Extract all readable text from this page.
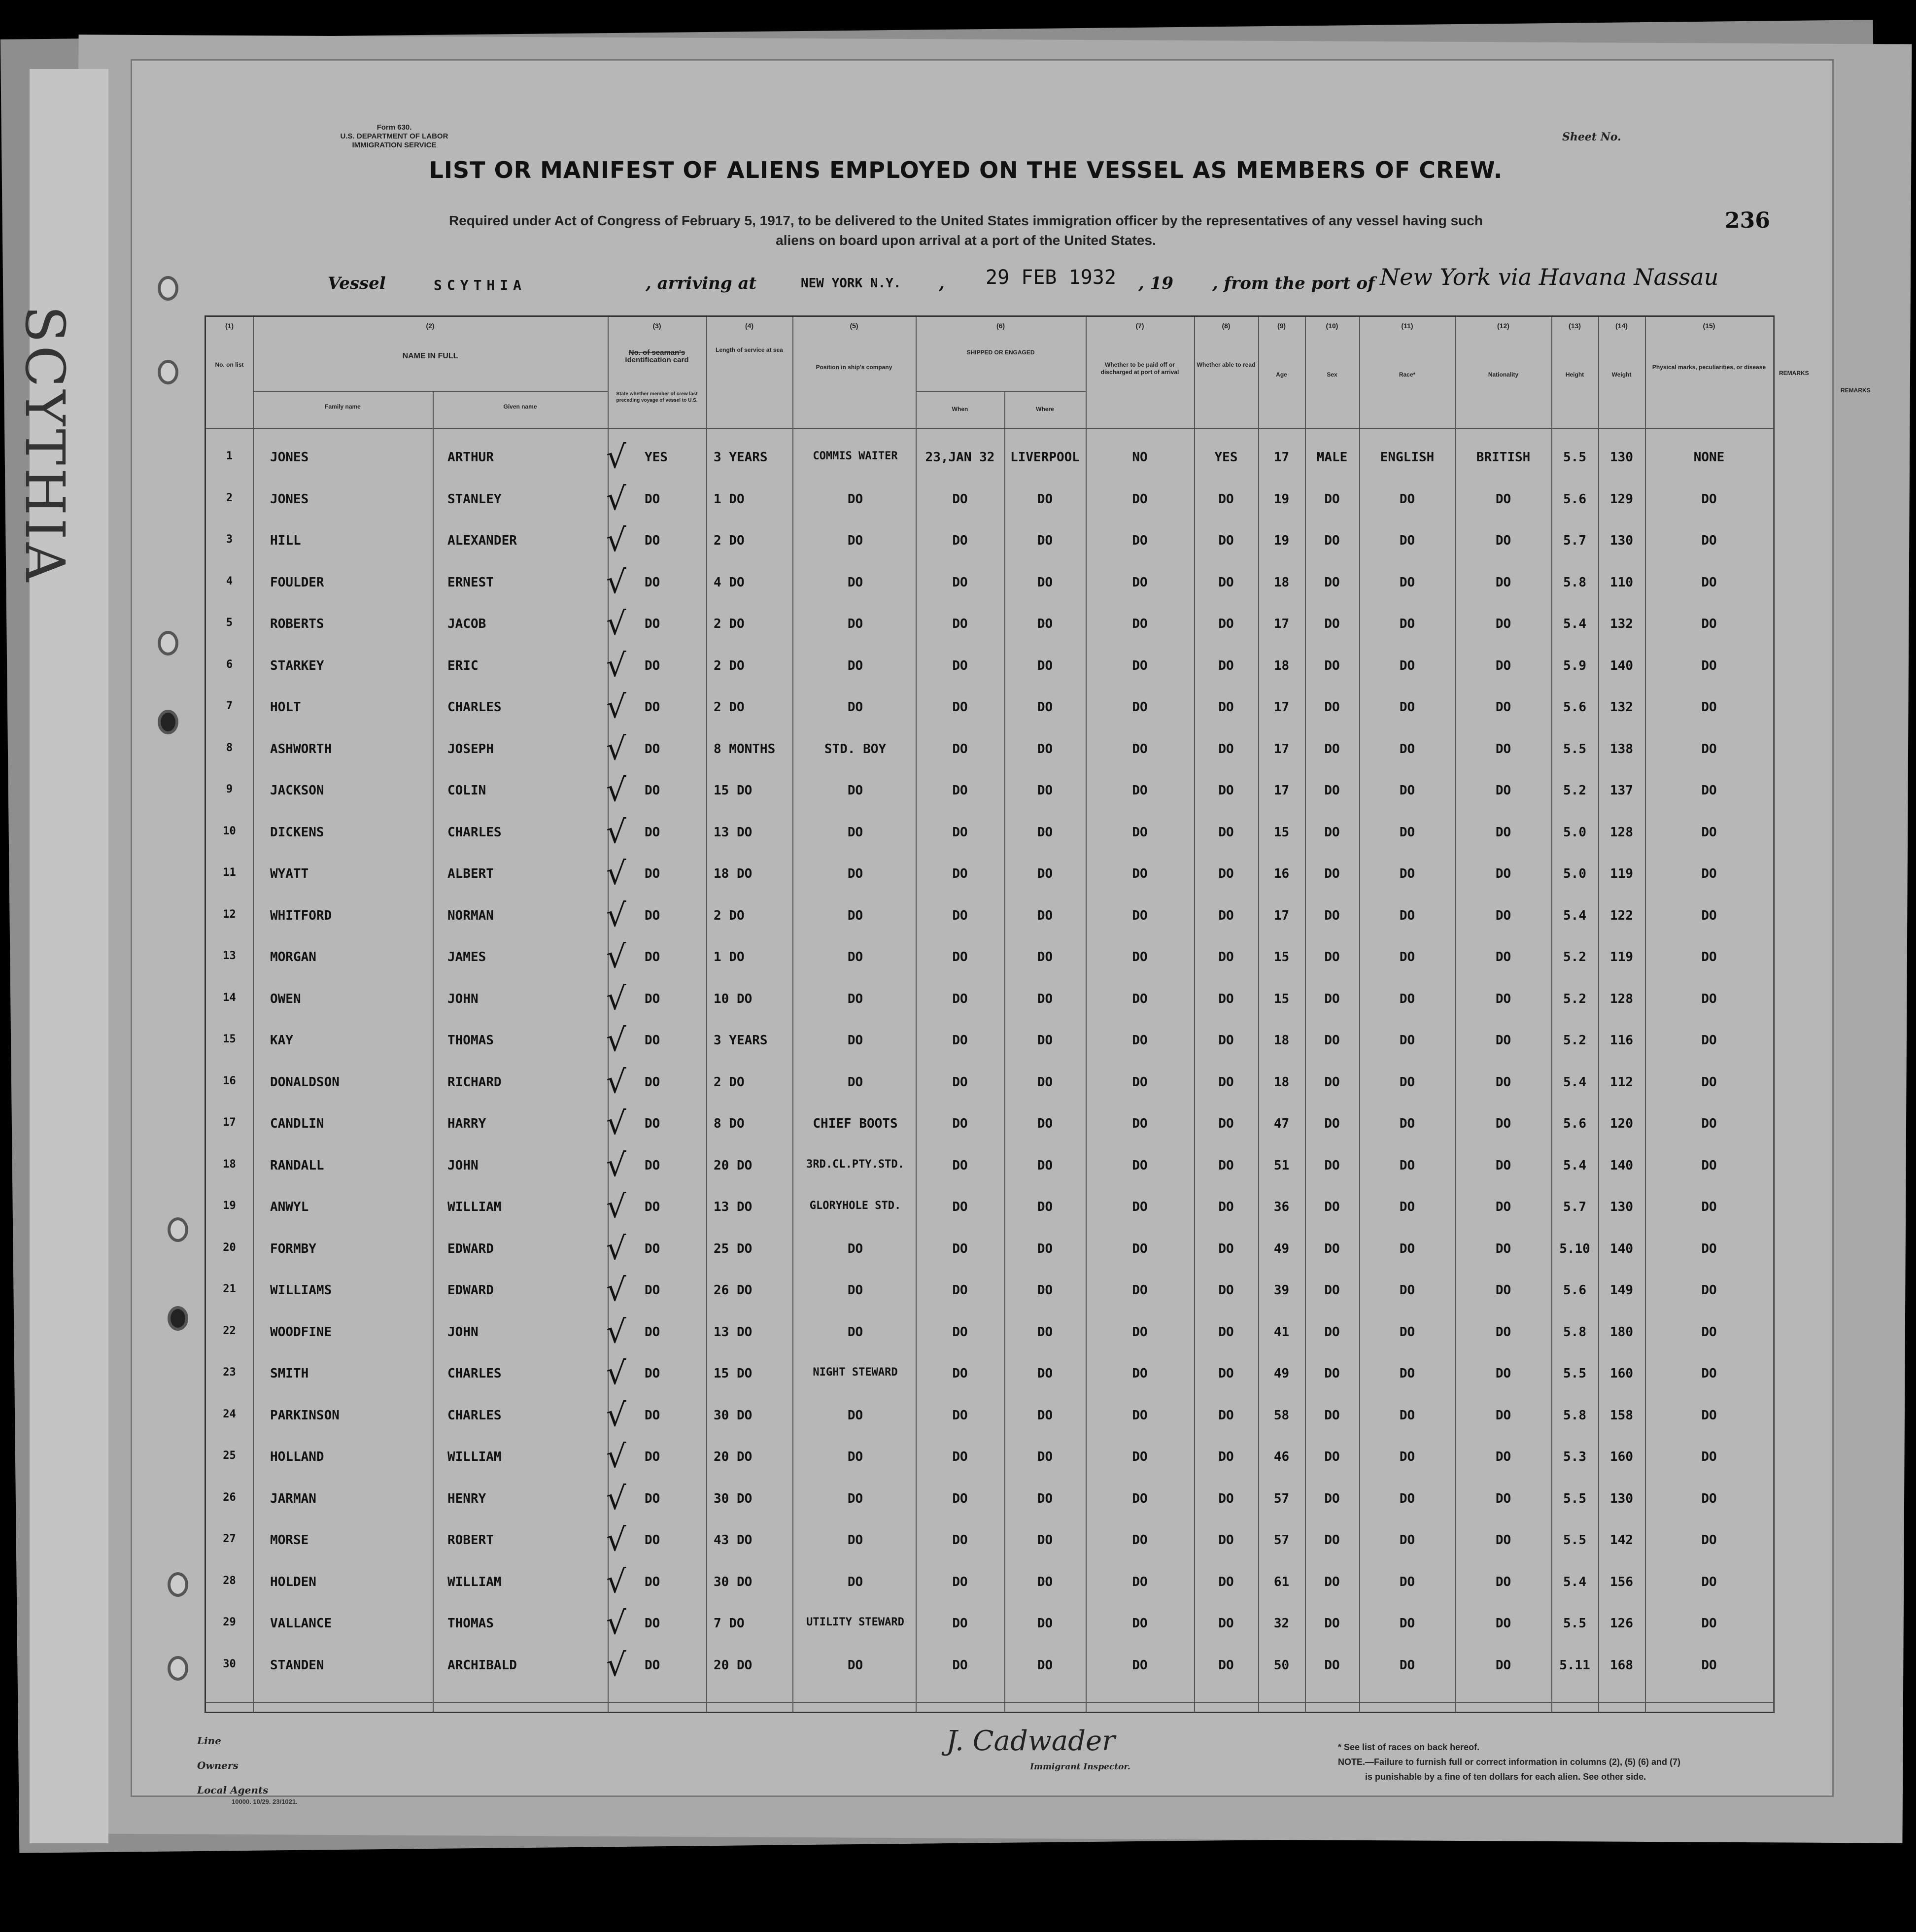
SCYTHIA
Form 630.
U.S. DEPARTMENT OF LABOR
IMMIGRATION SERVICE
Sheet No.
LIST OR MANIFEST OF ALIENS EMPLOYED ON THE VESSEL AS MEMBERS OF CREW.
Required under Act of Congress of February 5, 1917, to be delivered to the United States immigration officer by the representatives of any vessel having such
aliens on board upon arrival at a port of the United States.
236
Vessel	SCYTHIA	, arriving at	NEW YORK N.Y. , 29 FEB 1932 , 19 , from the port of New York via Havana Nassau
(1)	(2)	(3)	(4)	(5)	(6)	(7)	(8)	(9)	(10)	(11)	(12)	(13)	(14)	(15)
No. on list
NAME IN FULL
Family name	Given name
No. of seaman's identification card
State whether member of crew last preceding voyage of vessel to U.S.
Length of service at sea
Position in ship's company
SHIPPED OR ENGAGED
When	Where
Whether to be paid off or discharged at port of arrival
Whether able to read
Age	Sex	Race*	Nationality	Height	Weight
Physical marks, peculiarities, or disease
1	JONES	ARTHUR	√ YES	3 YEARS	COMMIS WAITER	23,JAN 32	LIVERPOOL	NO	YES	17	MALE	ENGLISH	BRITISH	5.5	130	NONE
2	JONES	STANLEY	√ DO	1 DO	DO	DO	DO	DO	DO	19	DO	DO	DO	5.6	129	DO
3	HILL	ALEXANDER	√ DO	2 DO	DO	DO	DO	DO	DO	19	DO	DO	DO	5.7	130	DO
4	FOULDER	ERNEST	√ DO	4 DO	DO	DO	DO	DO	DO	18	DO	DO	DO	5.8	110	DO
5	ROBERTS	JACOB	√ DO	2 DO	DO	DO	DO	DO	DO	17	DO	DO	DO	5.4	132	DO
6	STARKEY	ERIC	√ DO	2 DO	DO	DO	DO	DO	DO	18	DO	DO	DO	5.9	140	DO
7	HOLT	CHARLES	√ DO	2 DO	DO	DO	DO	DO	DO	17	DO	DO	DO	5.6	132	DO
8	ASHWORTH	JOSEPH	√ DO	8 MONTHS	STD. BOY	DO	DO	DO	DO	17	DO	DO	DO	5.5	138	DO
9	JACKSON	COLIN	√ DO	15 DO	DO	DO	DO	DO	DO	17	DO	DO	DO	5.2	137	DO
10	DICKENS	CHARLES	√ DO	13 DO	DO	DO	DO	DO	DO	15	DO	DO	DO	5.0	128	DO
11	WYATT	ALBERT	√ DO	18 DO	DO	DO	DO	DO	DO	16	DO	DO	DO	5.0	119	DO
12	WHITFORD	NORMAN	√ DO	2 DO	DO	DO	DO	DO	DO	17	DO	DO	DO	5.4	122	DO
13	MORGAN	JAMES	√ DO	1 DO	DO	DO	DO	DO	DO	15	DO	DO	DO	5.2	119	DO
14	OWEN	JOHN	√ DO	10 DO	DO	DO	DO	DO	DO	15	DO	DO	DO	5.2	128	DO
15	KAY	THOMAS	√ DO	3 YEARS	DO	DO	DO	DO	DO	18	DO	DO	DO	5.2	116	DO
16	DONALDSON	RICHARD	√ DO	2 DO	DO	DO	DO	DO	DO	18	DO	DO	DO	5.4	112	DO
17	CANDLIN	HARRY	√ DO	8 DO	CHIEF BOOTS	DO	DO	DO	DO	47	DO	DO	DO	5.6	120	DO
18	RANDALL	JOHN	√ DO	20 DO	3RD.CL.PTY.STD.	DO	DO	DO	DO	51	DO	DO	DO	5.4	140	DO
19	ANWYL	WILLIAM	√ DO	13 DO	GLORYHOLE STD.	DO	DO	DO	DO	36	DO	DO	DO	5.7	130	DO
20	FORMBY	EDWARD	√ DO	25 DO	DO	DO	DO	DO	DO	49	DO	DO	DO	5.10	140	DO
21	WILLIAMS	EDWARD	√ DO	26 DO	DO	DO	DO	DO	DO	39	DO	DO	DO	5.6	149	DO
22	WOODFINE	JOHN	√ DO	13 DO	DO	DO	DO	DO	DO	41	DO	DO	DO	5.8	180	DO
23	SMITH	CHARLES	√ DO	15 DO	NIGHT STEWARD	DO	DO	DO	DO	49	DO	DO	DO	5.5	160	DO
24	PARKINSON	CHARLES	√ DO	30 DO	DO	DO	DO	DO	DO	58	DO	DO	DO	5.8	158	DO
25	HOLLAND	WILLIAM	√ DO	20 DO	DO	DO	DO	DO	DO	46	DO	DO	DO	5.3	160	DO
26	JARMAN	HENRY	√ DO	30 DO	DO	DO	DO	DO	DO	57	DO	DO	DO	5.5	130	DO
27	MORSE	ROBERT	√ DO	43 DO	DO	DO	DO	DO	DO	57	DO	DO	DO	5.5	142	DO
28	HOLDEN	WILLIAM	√ DO	30 DO	DO	DO	DO	DO	DO	61	DO	DO	DO	5.4	156	DO
29	VALLANCE	THOMAS	√ DO	7 DO	UTILITY STEWARD	DO	DO	DO	DO	32	DO	DO	DO	5.5	126	DO
30	STANDEN	ARCHIBALD	√ DO	20 DO	DO	DO	DO	DO	DO	50	DO	DO	DO	5.11	168	DO
REMARKS
REMARKS
Line
Owners
Local Agents
10000. 10/29. 23/1021.
J. Cadwader
Immigrant Inspector.
* See list of races on back hereof.
NOTE.—Failure to furnish full or correct information in columns (2), (5) (6) and (7)
is punishable by a fine of ten dollars for each alien. See other side.
